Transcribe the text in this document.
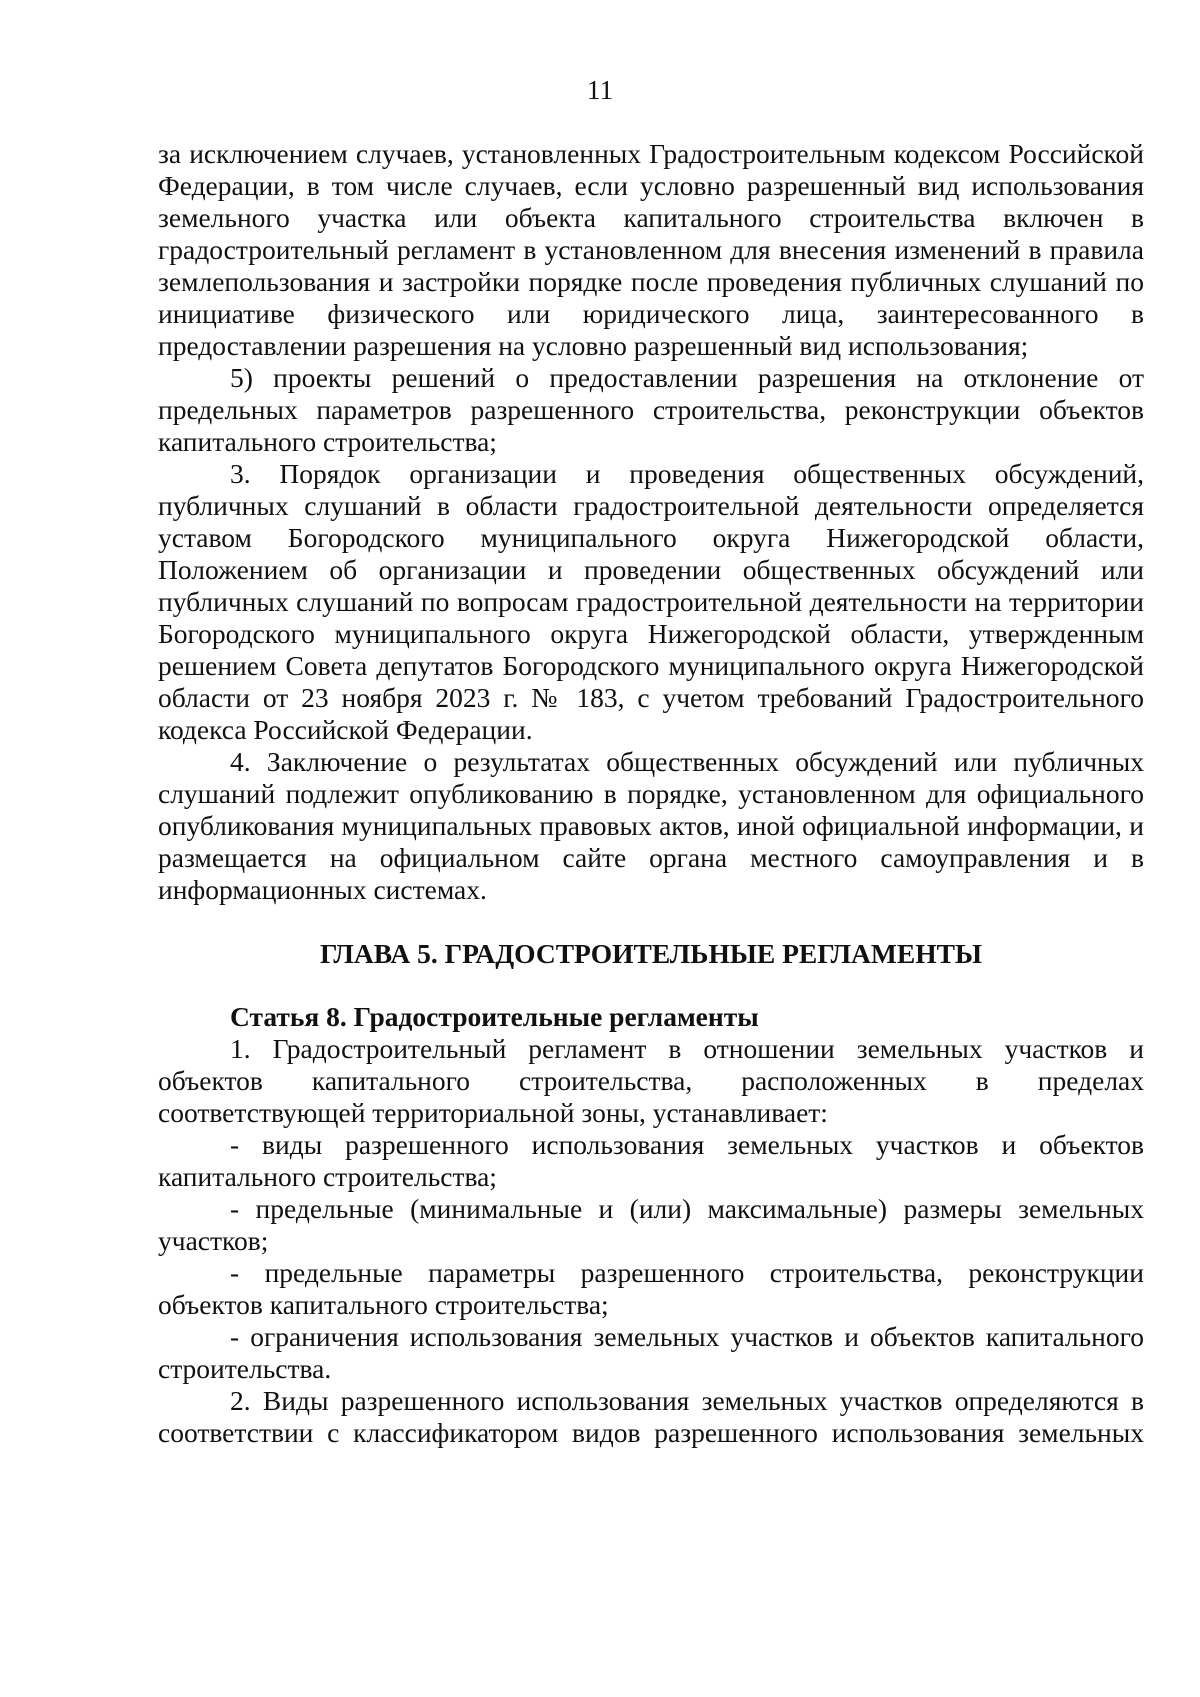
11

за исключением случаев, установленных Градостроительным кодексом Российской Федерации, в том числе случаев, если условно разрешенный вид использования земельного участка или объекта капитального строительства включен в градостроительный регламент в установленном для внесения изменений в правила землепользования и застройки порядке после проведения публичных слушаний по инициативе физического или юридического лица, заинтересованного в предоставлении разрешения на условно разрешенный вид использования;

5) проекты решений о предоставлении разрешения на отклонение от предельных параметров разрешенного строительства, реконструкции объектов капитального строительства;

3. Порядок организации и проведения общественных обсуждений, публичных слушаний в области градостроительной деятельности определяется уставом Богородского муниципального округа Нижегородской области, Положением об организации и проведении общественных обсуждений или публичных слушаний по вопросам градостроительной деятельности на территории Богородского муниципального округа Нижегородской области, утвержденным решением Совета депутатов Богородского муниципального округа Нижегородской области от 23 ноября 2023 г. № 183, с учетом требований Градостроительного кодекса Российской Федерации.

4. Заключение о результатах общественных обсуждений или публичных слушаний подлежит опубликованию в порядке, установленном для официального опубликования муниципальных правовых актов, иной официальной информации, и размещается на официальном сайте органа местного самоуправления и в информационных системах.

ГЛАВА 5. ГРАДОСТРОИТЕЛЬНЫЕ РЕГЛАМЕНТЫ

Статья 8. Градостроительные регламенты

1. Градостроительный регламент в отношении земельных участков и объектов капитального строительства, расположенных в пределах соответствующей территориальной зоны, устанавливает:

- виды разрешенного использования земельных участков и объектов капитального строительства;

- предельные (минимальные и (или) максимальные) размеры земельных участков;

- предельные параметры разрешенного строительства, реконструкции объектов капитального строительства;

- ограничения использования земельных участков и объектов капитального строительства.

2. Виды разрешенного использования земельных участков определяются в соответствии с классификатором видов разрешенного использования земельных
